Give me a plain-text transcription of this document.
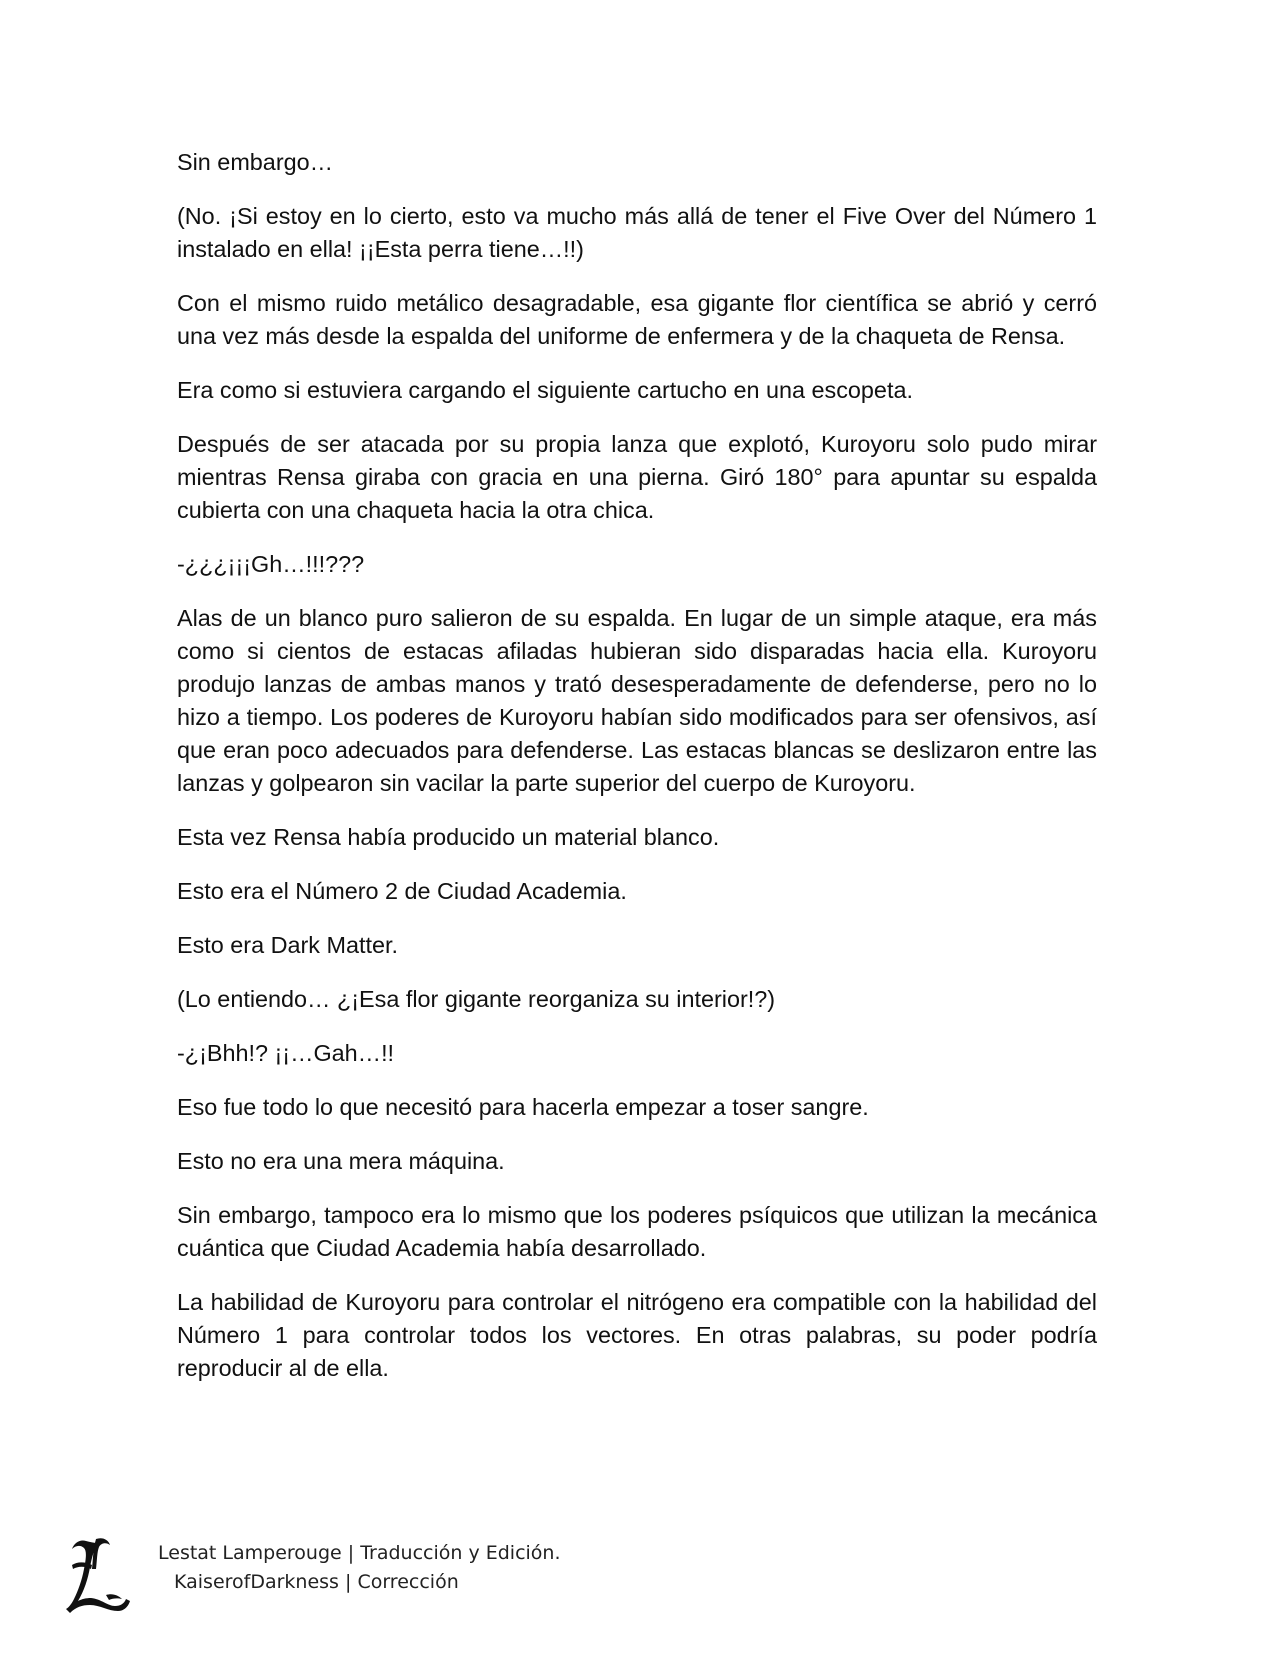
Sin embargo…

(No. ¡Si estoy en lo cierto, esto va mucho más allá de tener el Five Over del Número 1 instalado en ella! ¡¡Esta perra tiene…!!)

Con el mismo ruido metálico desagradable, esa gigante flor científica se abrió y cerró una vez más desde la espalda del uniforme de enfermera y de la chaqueta de Rensa.

Era como si estuviera cargando el siguiente cartucho en una escopeta.

Después de ser atacada por su propia lanza que explotó, Kuroyoru solo pudo mirar mientras Rensa giraba con gracia en una pierna. Giró 180° para apuntar su espalda cubierta con una chaqueta hacia la otra chica.

-¿¿¿¡¡¡Gh…!!!???

Alas de un blanco puro salieron de su espalda. En lugar de un simple ataque, era más como si cientos de estacas afiladas hubieran sido disparadas hacia ella. Kuroyoru produjo lanzas de ambas manos y trató desesperadamente de defenderse, pero no lo hizo a tiempo. Los poderes de Kuroyoru habían sido modificados para ser ofensivos, así que eran poco adecuados para defenderse. Las estacas blancas se deslizaron entre las lanzas y golpearon sin vacilar la parte superior del cuerpo de Kuroyoru.

Esta vez Rensa había producido un material blanco.

Esto era el Número 2 de Ciudad Academia.

Esto era Dark Matter.

(Lo entiendo… ¿¡Esa flor gigante reorganiza su interior!?)

-¿¡Bhh!? ¡¡…Gah…!!

Eso fue todo lo que necesitó para hacerla empezar a toser sangre.

Esto no era una mera máquina.

Sin embargo, tampoco era lo mismo que los poderes psíquicos que utilizan la mecánica cuántica que Ciudad Academia había desarrollado.

La habilidad de Kuroyoru para controlar el nitrógeno era compatible con la habilidad del Número 1 para controlar todos los vectores. En otras palabras, su poder podría reproducir al de ella.

Lestat Lamperouge | Traducción y Edición.
KaiserofDarkness | Corrección
